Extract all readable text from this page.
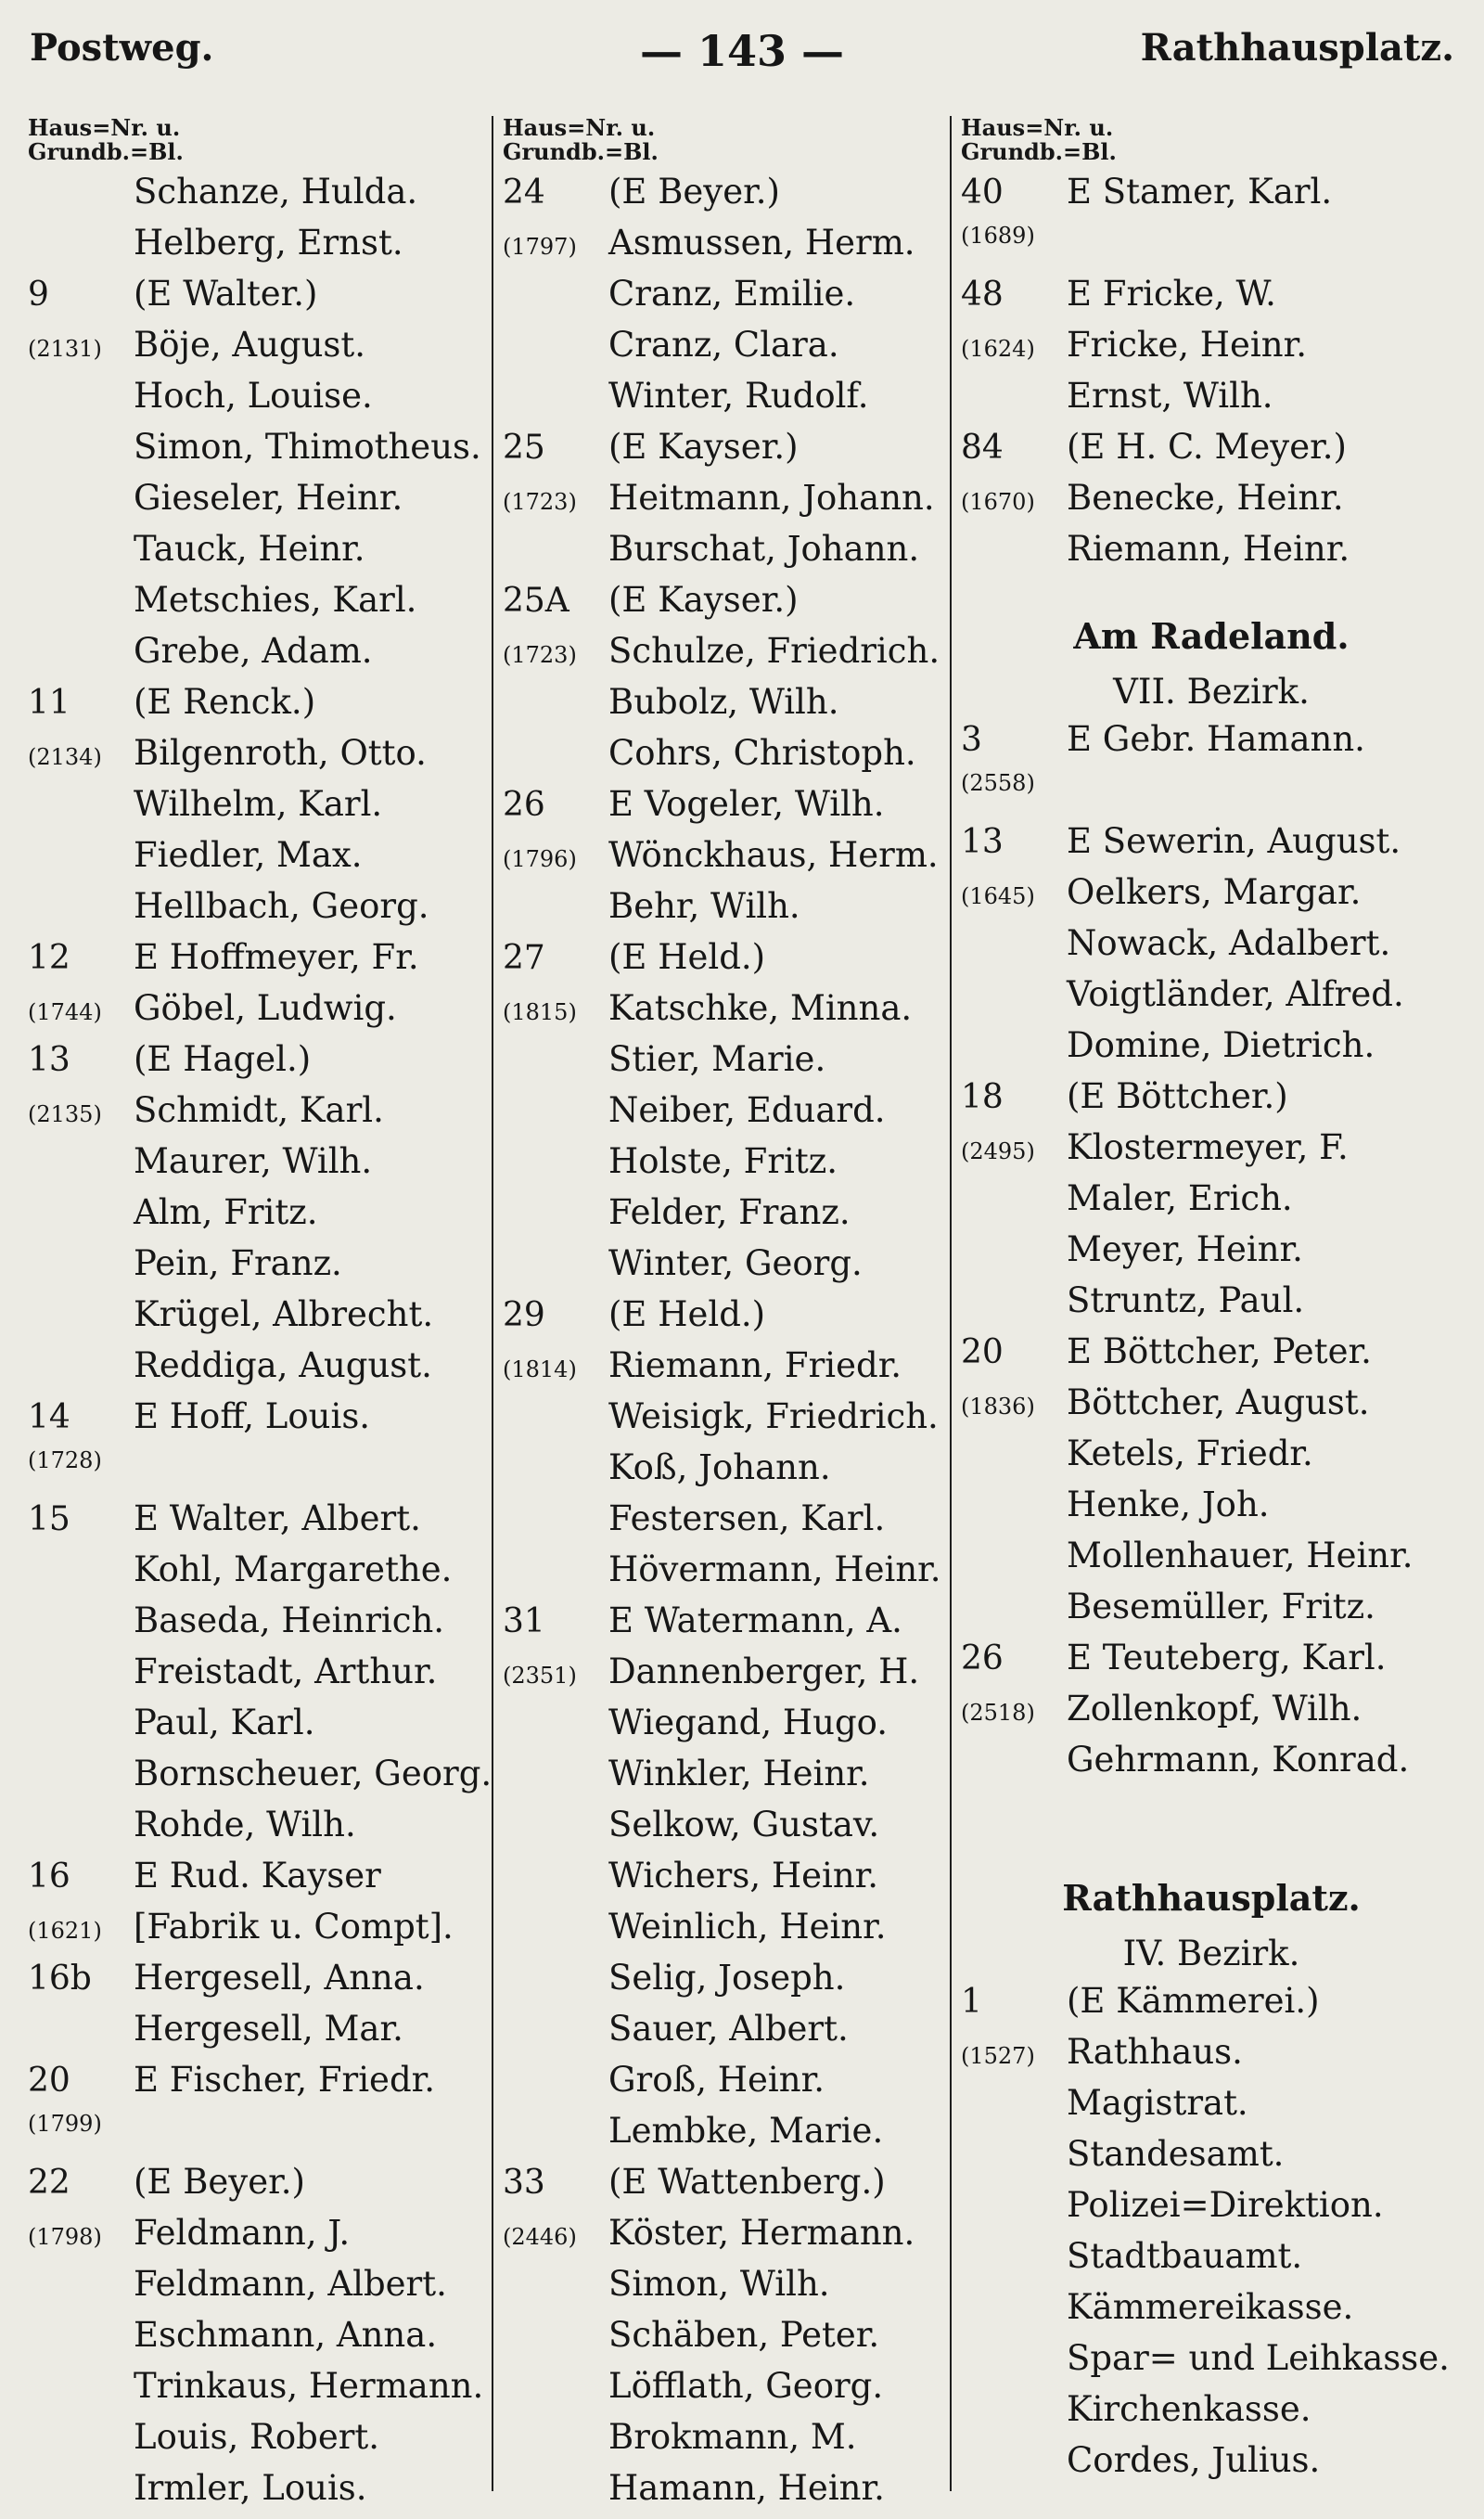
Postweg.	— 143 —	Rathhausplatz.
Haus=Nr. u.
Grundb.=Bl.
Schanze, Hulda.
Helberg, Ernst.
9 (E Walter.)
(2131) Böje, August.
Hoch, Louise.
Simon, Thimotheus.
Gieseler, Heinr.
Tauck, Heinr.
Metschies, Karl.
Grebe, Adam.
11 (E Renck.)
(2134) Bilgenroth, Otto.
Wilhelm, Karl.
Fiedler, Max.
Hellbach, Georg.
12 E Hoffmeyer, Fr.
(1744) Göbel, Ludwig.
13 (E Hagel.)
(2135) Schmidt, Karl.
Maurer, Wilh.
Alm, Fritz.
Pein, Franz.
Krügel, Albrecht.
Reddiga, August.
14 E Hoff, Louis.
(1728)
15 E Walter, Albert.
Kohl, Margarethe.
Baseda, Heinrich.
Freistadt, Arthur.
Paul, Karl.
Bornscheuer, Georg.
Rohde, Wilh.
16 E Rud. Kayser
(1621) [Fabrik u. Compt].
16b Hergesell, Anna.
Hergesell, Mar.
20 E Fischer, Friedr.
(1799)
22 (E Beyer.)
(1798) Feldmann, J.
Feldmann, Albert.
Eschmann, Anna.
Trinkaus, Hermann.
Louis, Robert.
Irmler, Louis.
Haus=Nr. u.
Grundb.=Bl.
24 (E Beyer.)
(1797) Asmussen, Herm.
Cranz, Emilie.
Cranz, Clara.
Winter, Rudolf.
25 (E Kayser.)
(1723) Heitmann, Johann.
Burschat, Johann.
25A (E Kayser.)
(1723) Schulze, Friedrich.
Bubolz, Wilh.
Cohrs, Christoph.
26 E Vogeler, Wilh.
(1796) Wönckhaus, Herm.
Behr, Wilh.
27 (E Held.)
(1815) Katschke, Minna.
Stier, Marie.
Neiber, Eduard.
Holste, Fritz.
Felder, Franz.
Winter, Georg.
29 (E Held.)
(1814) Riemann, Friedr.
Weisigk, Friedrich.
Koß, Johann.
Festersen, Karl.
Hövermann, Heinr.
31 E Watermann, A.
(2351) Dannenberger, H.
Wiegand, Hugo.
Winkler, Heinr.
Selkow, Gustav.
Wichers, Heinr.
Weinlich, Heinr.
Selig, Joseph.
Sauer, Albert.
Groß, Heinr.
Lembke, Marie.
33 (E Wattenberg.)
(2446) Köster, Hermann.
Simon, Wilh.
Schäben, Peter.
Löfflath, Georg.
Brokmann, M.
Hamann, Heinr.
Haus=Nr. u.
Grundb.=Bl.
40 E Stamer, Karl.
(1689)
48 E Fricke, W.
(1624) Fricke, Heinr.
Ernst, Wilh.
84 (E H. C. Meyer.)
(1670) Benecke, Heinr.
Riemann, Heinr.
Am Radeland.
VII. Bezirk.
3 E Gebr. Hamann.
(2558)
13 E Sewerin, August.
(1645) Oelkers, Margar.
Nowack, Adalbert.
Voigtländer, Alfred.
Domine, Dietrich.
18 (E Böttcher.)
(2495) Klostermeyer, F.
Maler, Erich.
Meyer, Heinr.
Struntz, Paul.
20 E Böttcher, Peter.
(1836) Böttcher, August.
Ketels, Friedr.
Henke, Joh.
Mollenhauer, Heinr.
Besemüller, Fritz.
26 E Teuteberg, Karl.
(2518) Zollenkopf, Wilh.
Gehrmann, Konrad.
Rathhausplatz.
IV. Bezirk.
1 (E Kämmerei.)
(1527) Rathhaus.
Magistrat.
Standesamt.
Polizei=Direktion.
Stadtbauamt.
Kämmereikasse.
Spar= und Leihkasse.
Kirchenkasse.
Cordes, Julius.
